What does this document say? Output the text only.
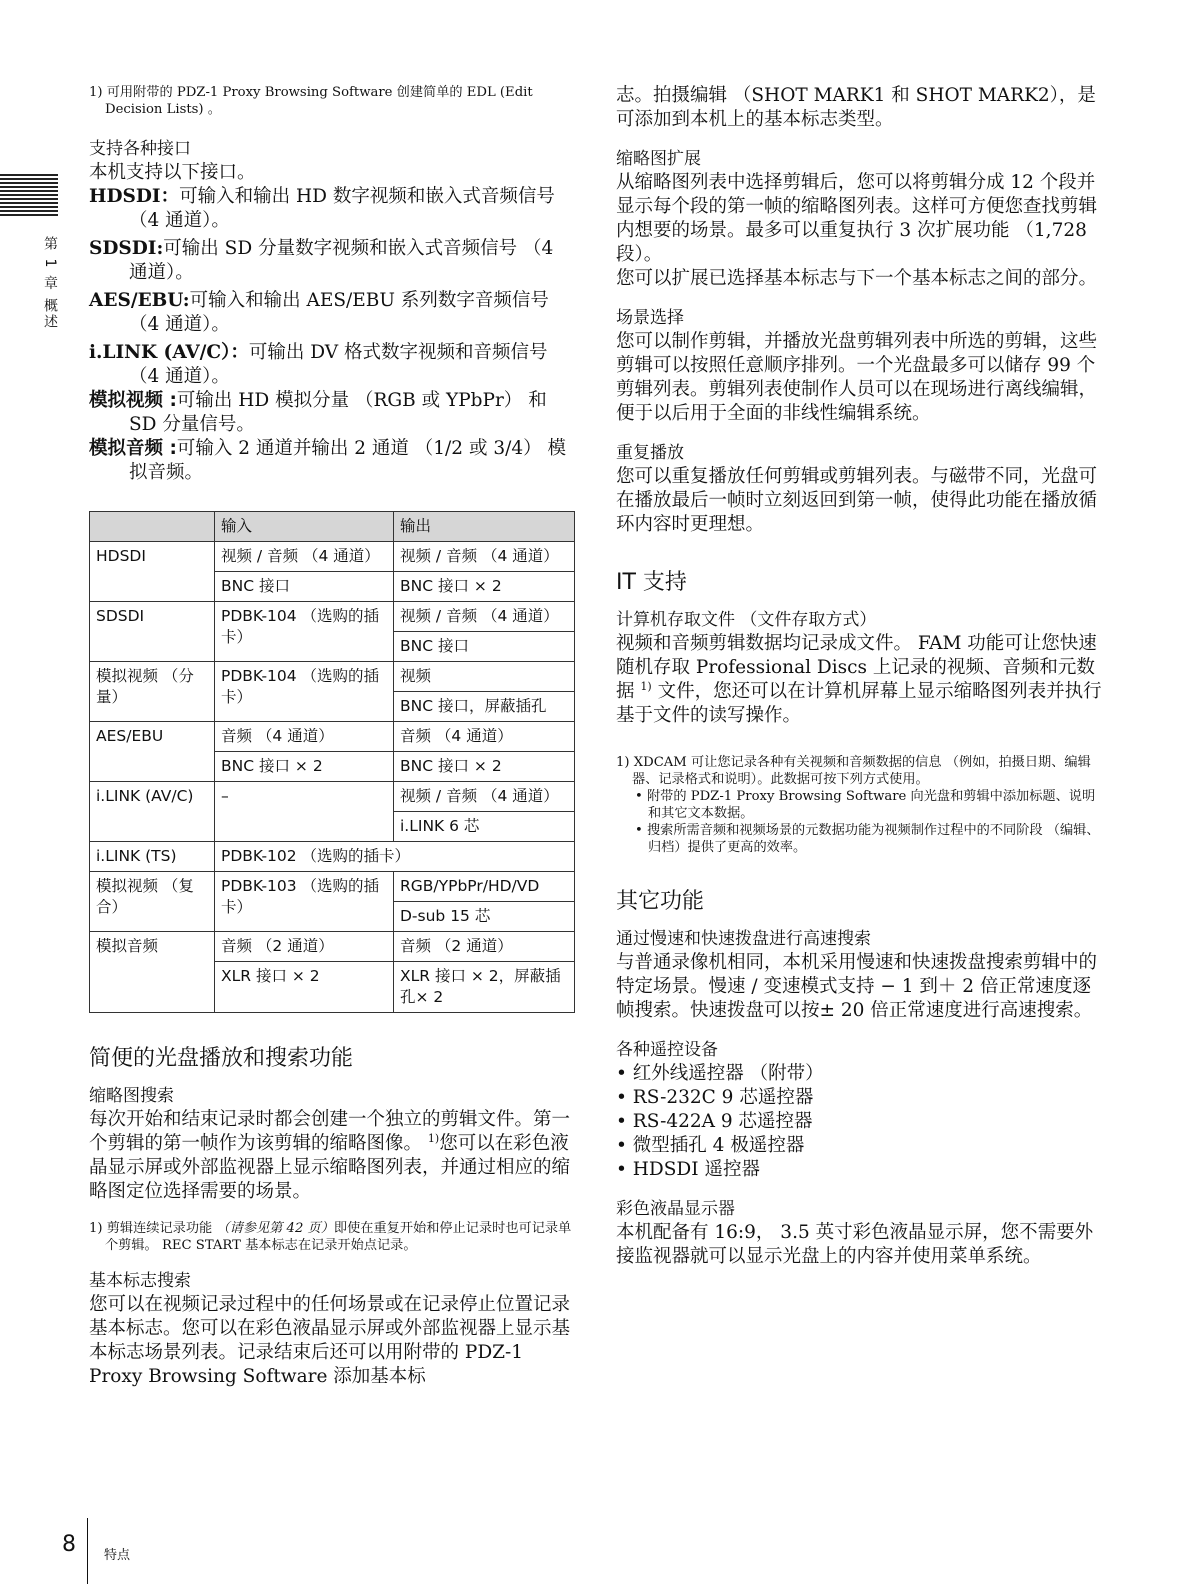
第 1 章 概述

1) 可用附带的 PDZ-1 Proxy Browsing Software 创建简单的 EDL (Edit Decision Lists) 。

支持各种接口

本机支持以下接口。

HDSDI：可输入和输出 HD 数字视频和嵌入式音频信号 （4 通道）。

SDSDI:可输出 SD 分量数字视频和嵌入式音频信号 （4 通道）。

AES/EBU:可输入和输出 AES/EBU 系列数字音频信号 （4 通道）。

i.LINK (AV/C）：可输出 DV 格式数字视频和音频信号 （4 通道）。

模拟视频 :可输出 HD 模拟分量 （RGB 或 YPbPr） 和 SD 分量信号。

模拟音频 :可输入 2 通道并输出 2 通道 （1/2 或 3/4） 模拟音频。

	输入	输出
HDSDI	视频 / 音频 （4 通道）	视频 / 音频 （4 通道）
	BNC 接口	BNC 接口 × 2
SDSDI	PDBK-104 （选购的插卡）	视频 / 音频 （4 通道）
		BNC 接口
模拟视频 （分量）	PDBK-104 （选购的插卡）	视频
		BNC 接口，屏蔽插孔
AES/EBU	音频 （4 通道）	音频 （4 通道）
	BNC 接口 × 2	BNC 接口 × 2
i.LINK (AV/C)	–	视频 / 音频 （4 通道）
		i.LINK 6 芯
i.LINK (TS)	PDBK-102 （选购的插卡）	
模拟视频 （复合）	PDBK-103 （选购的插卡）	RGB/YPbPr/HD/VD
		D-sub 15 芯
模拟音频	音频 （2 通道）	音频 （2 通道）
	XLR 接口 × 2	XLR 接口 × 2，屏蔽插孔× 2
简便的光盘播放和搜索功能
缩略图搜索

每次开始和结束记录时都会创建一个独立的剪辑文件。第一个剪辑的第一帧作为该剪辑的缩略图像。 $^{1)}$您可以在彩色液晶显示屏或外部监视器上显示缩略图列表，并通过相应的缩略图定位选择需要的场景。

1) 剪辑连续记录功能 （请参见第 42 页）即使在重复开始和停止记录时也可记录单个剪辑。 REC START 基本标志在记录开始点记录。

基本标志搜索

您可以在视频记录过程中的任何场景或在记录停止位置记录基本标志。您可以在彩色液晶显示屏或外部监视器上显示基本标志场景列表。记录结束后还可以用附带的 PDZ-1 Proxy Browsing Software 添加基本标

志。拍摄编辑 （SHOT MARK1 和 SHOT MARK2），是可添加到本机上的基本标志类型。

缩略图扩展

从缩略图列表中选择剪辑后，您可以将剪辑分成 12 个段并显示每个段的第一帧的缩略图列表。这样可方便您查找剪辑内想要的场景。最多可以重复执行 3 次扩展功能 （1,728 段）。

您可以扩展已选择基本标志与下一个基本标志之间的部分。

场景选择

您可以制作剪辑，并播放光盘剪辑列表中所选的剪辑，这些剪辑可以按照任意顺序排列。一个光盘最多可以储存 99 个剪辑列表。剪辑列表使制作人员可以在现场进行离线编辑，便于以后用于全面的非线性编辑系统。

重复播放

您可以重复播放任何剪辑或剪辑列表。与磁带不同，光盘可在播放最后一帧时立刻返回到第一帧，使得此功能在播放循环内容时更理想。

IT 支持
计算机存取文件 （文件存取方式）

视频和音频剪辑数据均记录成文件。 FAM 功能可让您快速随机存取 Professional Discs 上记录的视频、音频和元数据 $^{1)}$ 文件，您还可以在计算机屏幕上显示缩略图列表并执行基于文件的读写操作。

1) XDCAM 可让您记录各种有关视频和音频数据的信息 （例如，拍摄日期、编辑器、记录格式和说明）。此数据可按下列方式使用。

• 附带的 PDZ-1 Proxy Browsing Software 向光盘和剪辑中添加标题、说明和其它文本数据。

• 搜索所需音频和视频场景的元数据功能为视频制作过程中的不同阶段 （编辑、归档）提供了更高的效率。

其它功能
通过慢速和快速拨盘进行高速搜索

与普通录像机相同，本机采用慢速和快速拨盘搜索剪辑中的特定场景。慢速 / 变速模式支持 − 1 到＋ 2 倍正常速度逐帧搜索。快速拨盘可以按± 20 倍正常速度进行高速搜索。

各种遥控设备

• 红外线遥控器 （附带）

• RS-232C 9 芯遥控器

• RS-422A 9 芯遥控器

• 微型插孔 4 极遥控器

• HDSDI 遥控器

彩色液晶显示器

本机配备有 16:9， 3.5 英寸彩色液晶显示屏，您不需要外接监视器就可以显示光盘上的内容并使用菜单系统。

8 特点
